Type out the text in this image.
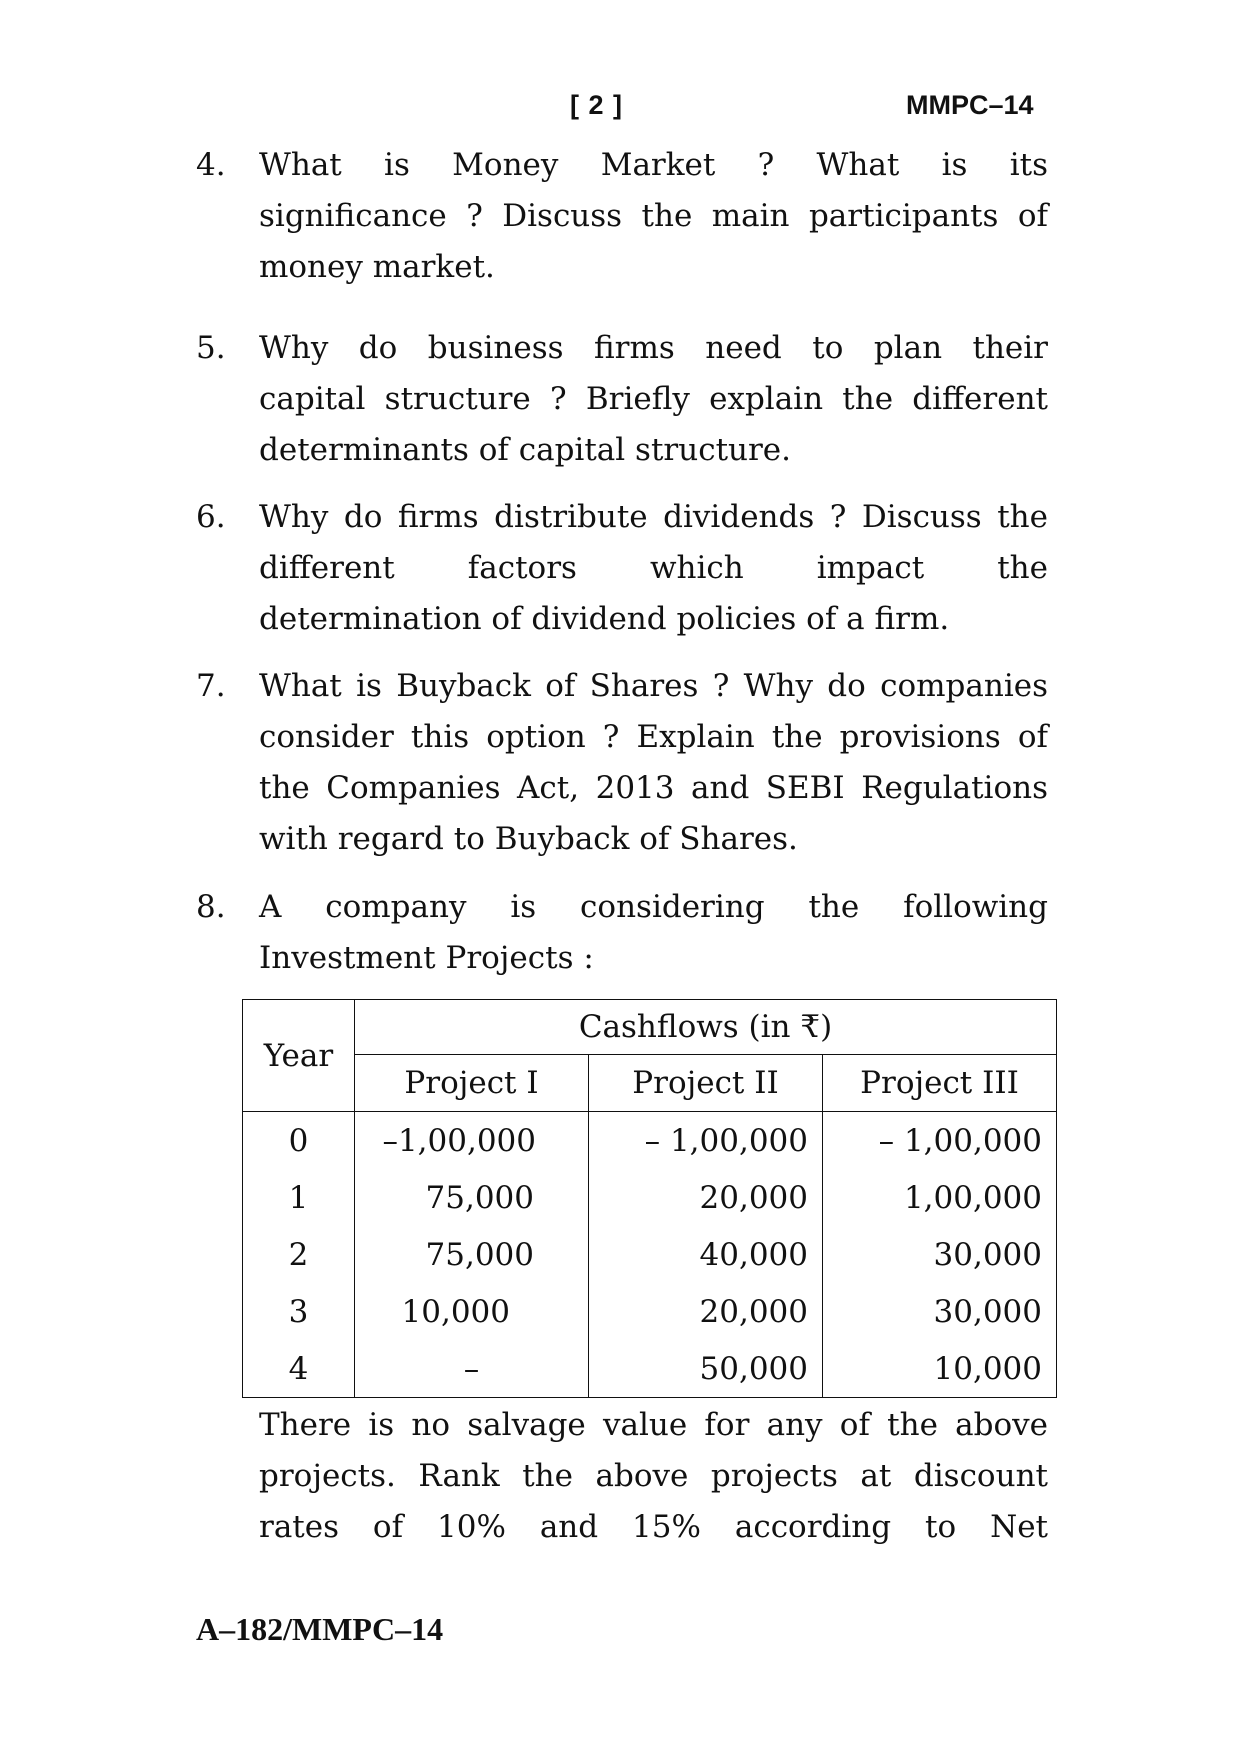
[ 2 ]	MMPC–14
4. What is Money Market ? What is its
significance ? Discuss the main participants of
money market.
5. Why do business firms need to plan their
capital structure ? Briefly explain the different
determinants of capital structure.
6. Why do firms distribute dividends ? Discuss the
different factors which impact the
determination of dividend policies of a firm.
7. What is Buyback of Shares ? Why do companies
consider this option ? Explain the provisions of
the Companies Act, 2013 and SEBI Regulations
with regard to Buyback of Shares.
8. A company is considering the following
Investment Projects :
Year	Cashflows (in ₹)		
	Project I	Project II	Project III
0	–1,00,000	– 1,00,000	– 1,00,000
1	75,000	20,000	1,00,000
2	75,000	40,000	30,000
3	10,000	20,000	30,000
4	–	50,000	10,000
There is no salvage value for any of the above
projects. Rank the above projects at discount
rates of 10% and 15% according to Net
A–182/MMPC–14
